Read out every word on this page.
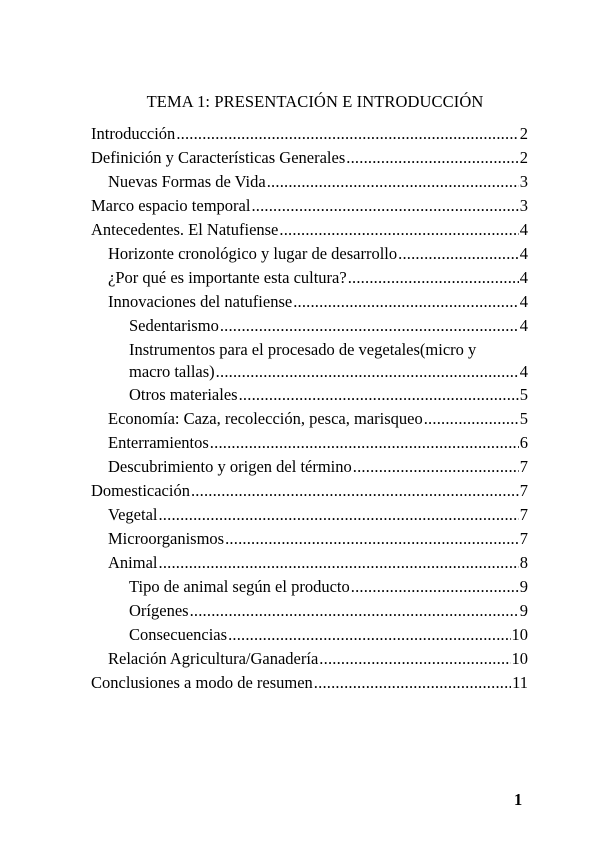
TEMA 1: PRESENTACIÓN E INTRODUCCIÓN
Introducción .....	2
Definición y Características Generales .....	2
Nuevas Formas de Vida .....	3
Marco espacio temporal .....	3
Antecedentes. El Natufiense .....	4
Horizonte cronológico y lugar de desarrollo .....	4
¿Por qué es importante esta cultura? .....	4
Innovaciones del natufiense .....	4
Sedentarismo .....	4
Instrumentos para el procesado de vegetales(micro y
macro tallas) .....	4
Otros materiales .....	5
Economía: Caza, recolección, pesca, marisqueo .....	5
Enterramientos .....	6
Descubrimiento y origen del término .....	7
Domesticación .....	7
Vegetal .....	7
Microorganismos .....	7
Animal .....	8
Tipo de animal según el producto .....	9
Orígenes .....	9
Consecuencias .....	10
Relación Agricultura/Ganadería .....	10
Conclusiones a modo de resumen .....	11
1
